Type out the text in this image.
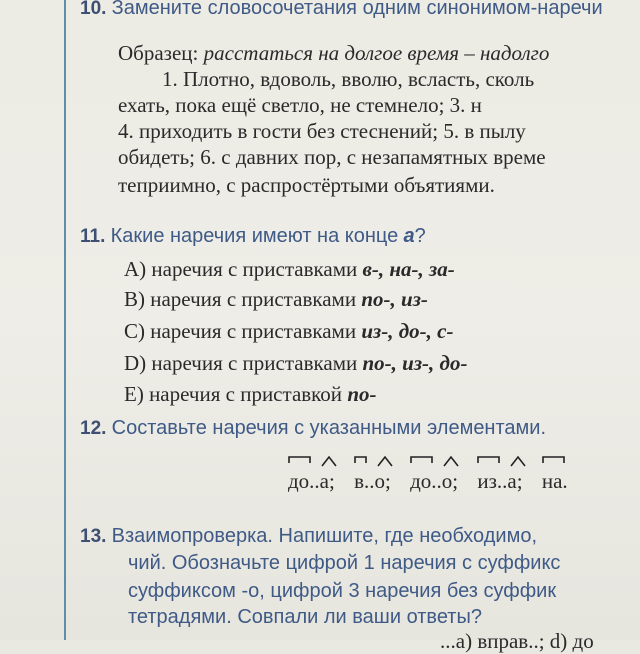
10. Замените словосочетания одним синонимом-наречи
Образец: расстаться на долгое время – надолго
1. Плотно, вдоволь, вволю, всласть, сколь
ехать, пока ещё светло, не стемнело; 3. н
4. приходить в гости без стеснений; 5. в пылу
обидеть; 6. с давних пор, с незапамятных време
теприимно, с распростёртыми объятиями.
11. Какие наречия имеют на конце а?
А) наречия с приставками в-, на-, за-
B) наречия с приставками по-, из-
C) наречия с приставками из-, до-, с-
D) наречия с приставками по-, из-, до-
E) наречия с приставкой по-
12. Составьте наречия с указанными элементами.
до..а; в..о; до..о; из..а; на.
13. Взаимопроверка. Напишите, где необходимо,
чий. Обозначьте цифрой 1 наречия с суффикс
суффиксом -о, цифрой 3 наречия без суффик
тетрадями. Совпали ли ваши ответы?
...а) вправ..; d) до
